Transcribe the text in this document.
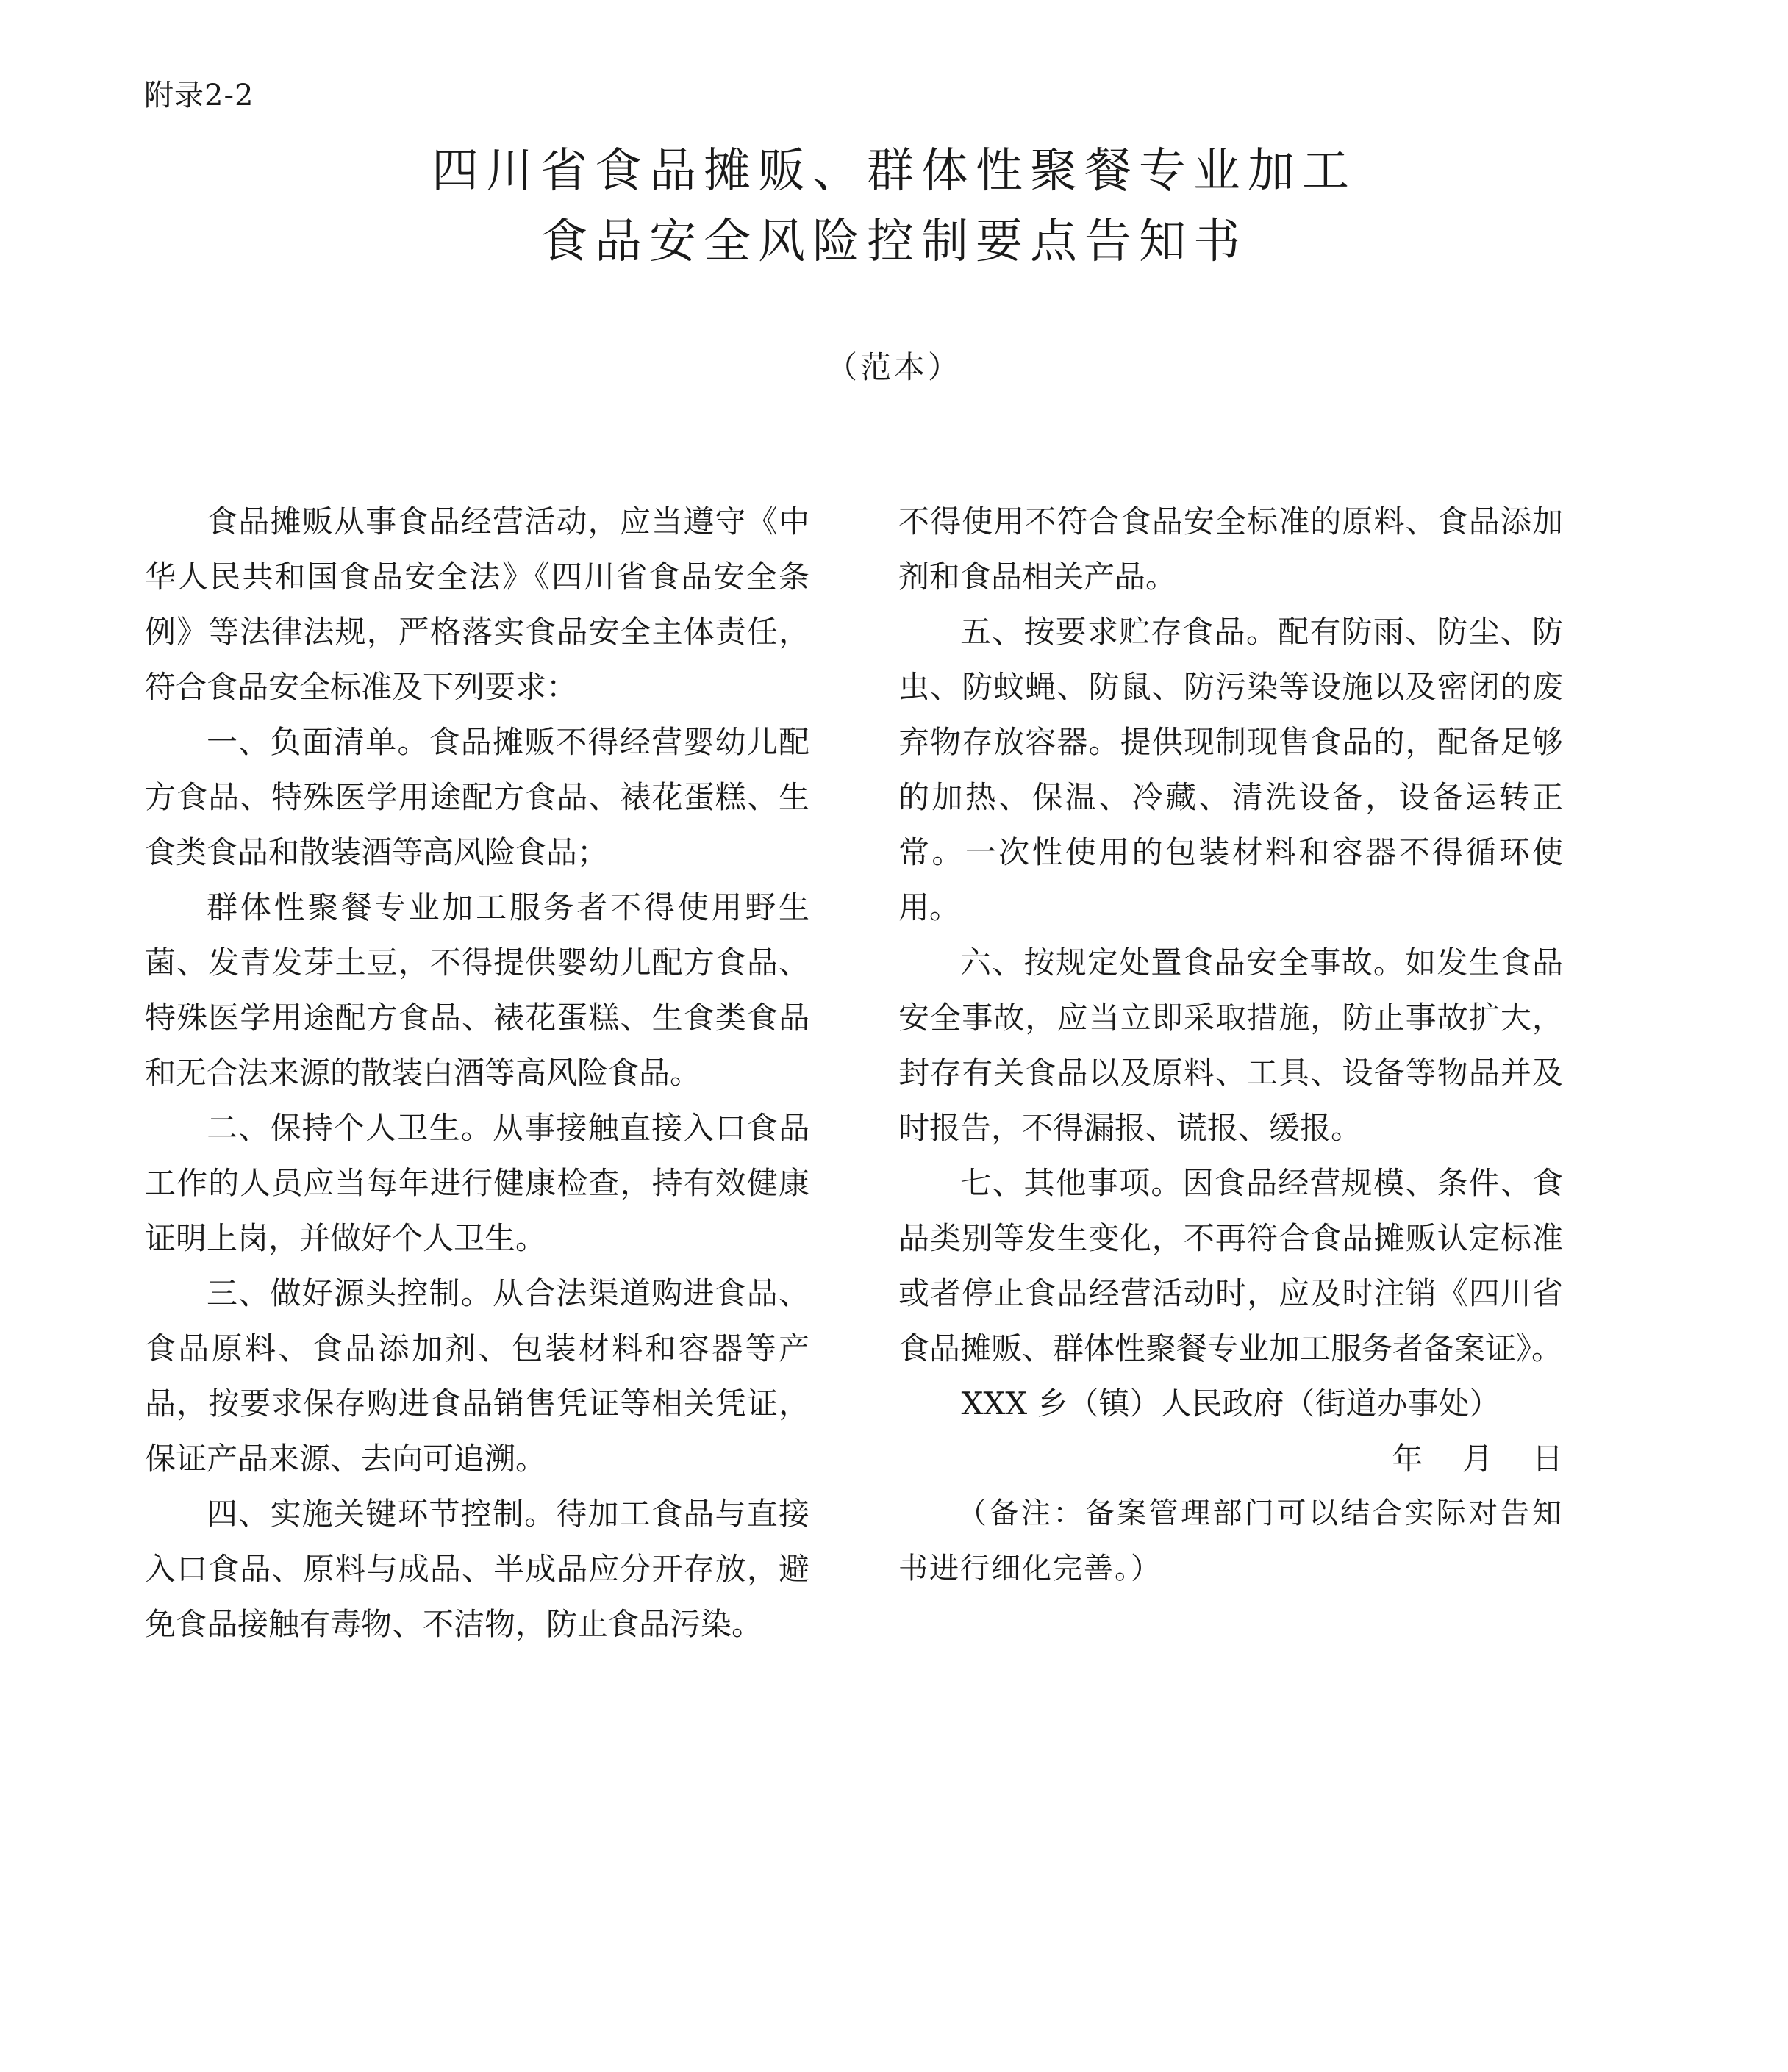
附录2-2
四川省食品摊贩、群体性聚餐专业加工
食品安全风险控制要点告知书
（范本）

食品摊贩从事食品经营活动，应当遵守《中华人民共和国食品安全法》《四川省食品安全条例》等法律法规，严格落实食品安全主体责任，符合食品安全标准及下列要求：

一、负面清单。食品摊贩不得经营婴幼儿配方食品、特殊医学用途配方食品、裱花蛋糕、生食类食品和散装酒等高风险食品；

群体性聚餐专业加工服务者不得使用野生菌、发青发芽土豆，不得提供婴幼儿配方食品、特殊医学用途配方食品、裱花蛋糕、生食类食品和无合法来源的散装白酒等高风险食品。

二、保持个人卫生。从事接触直接入口食品工作的人员应当每年进行健康检查，持有效健康证明上岗，并做好个人卫生。

三、做好源头控制。从合法渠道购进食品、食品原料、食品添加剂、包装材料和容器等产品，按要求保存购进食品销售凭证等相关凭证，保证产品来源、去向可追溯。

四、实施关键环节控制。待加工食品与直接入口食品、原料与成品、半成品应分开存放，避免食品接触有毒物、不洁物，防止食品污染。

不得使用不符合食品安全标准的原料、食品添加剂和食品相关产品。

五、按要求贮存食品。配有防雨、防尘、防虫、防蚊蝇、防鼠、防污染等设施以及密闭的废弃物存放容器。提供现制现售食品的，配备足够的加热、保温、冷藏、清洗设备，设备运转正常。一次性使用的包装材料和容器不得循环使用。

六、按规定处置食品安全事故。如发生食品安全事故，应当立即采取措施，防止事故扩大，封存有关食品以及原料、工具、设备等物品并及时报告，不得漏报、谎报、缓报。

七、其他事项。因食品经营规模、条件、食品类别等发生变化，不再符合食品摊贩认定标准或者停止食品经营活动时，应及时注销《四川省食品摊贩、群体性聚餐专业加工服务者备案证》。

XXX 乡（镇）人民政府（街道办事处）

年 月 日

（备注：备案管理部门可以结合实际对告知书进行细化完善。）
